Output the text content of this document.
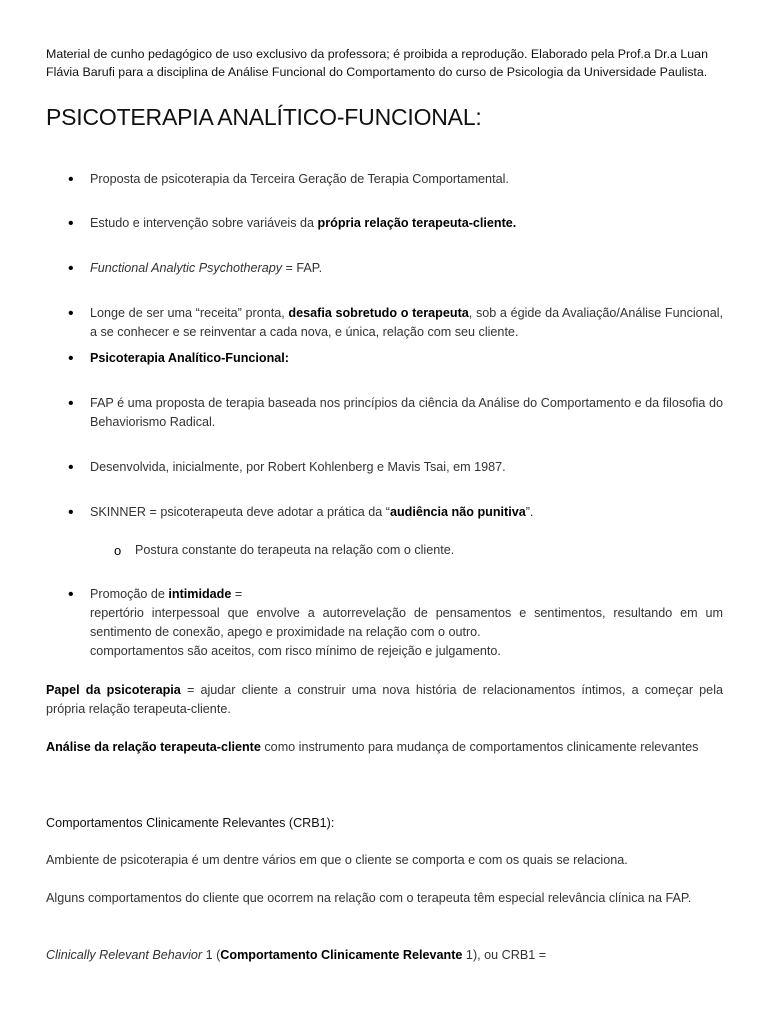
Material de cunho pedagógico de uso exclusivo da professora; é proibida a reprodução. Elaborado pela Prof.a Dr.a Luan
Flávia Barufi para a disciplina de Análise Funcional do Comportamento do curso de Psicologia da Universidade Paulista.

PSICOTERAPIA ANALÍTICO-FUNCIONAL:
• Proposta de psicoterapia da Terceira Geração de Terapia Comportamental.

• Estudo e intervenção sobre variáveis da própria relação terapeuta-cliente.

• Functional Analytic Psychotherapy = FAP.

• Longe de ser uma “receita” pronta, desafia sobretudo o terapeuta, sob a égide da Avaliação/Análise Funcional, a se conhecer e se reinventar a cada nova, e única, relação com seu cliente.

• Psicoterapia Analítico-Funcional:

• FAP é uma proposta de terapia baseada nos princípios da ciência da Análise do Comportamento e da filosofia do Behaviorismo Radical.

• Desenvolvida, inicialmente, por Robert Kohlenberg e Mavis Tsai, em 1987.

• SKINNER = psicoterapeuta deve adotar a prática da “audiência não punitiva”.

o Postura constante do terapeuta na relação com o cliente.

• Promoção de intimidade =
repertório interpessoal que envolve a autorrevelação de pensamentos e sentimentos, resultando em um sentimento de conexão, apego e proximidade na relação com o outro.
comportamentos são aceitos, com risco mínimo de rejeição e julgamento.

Papel da psicoterapia = ajudar cliente a construir uma nova história de relacionamentos íntimos, a começar pela própria relação terapeuta-cliente.

Análise da relação terapeuta-cliente como instrumento para mudança de comportamentos clinicamente relevantes

Comportamentos Clinicamente Relevantes (CRB1):

Ambiente de psicoterapia é um dentre vários em que o cliente se comporta e com os quais se relaciona.

Alguns comportamentos do cliente que ocorrem na relação com o terapeuta têm especial relevância clínica na FAP.

Clinically Relevant Behavior 1 (Comportamento Clinicamente Relevante 1), ou CRB1 =
